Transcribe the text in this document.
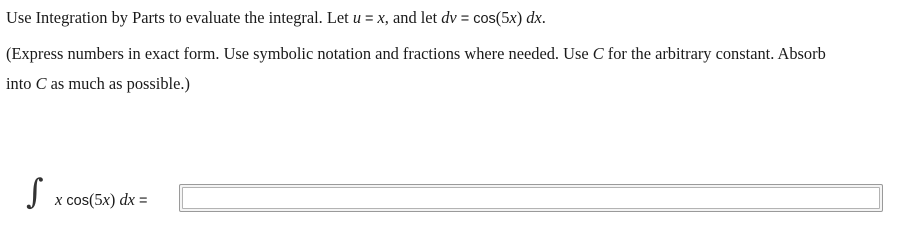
Use Integration by Parts to evaluate the integral. Let u = x, and let dv = cos(5x) dx.
(Express numbers in exact form. Use symbolic notation and fractions where needed. Use C for the arbitrary constant. Absorb
into C as much as possible.)
∫ x cos(5x) dx =
